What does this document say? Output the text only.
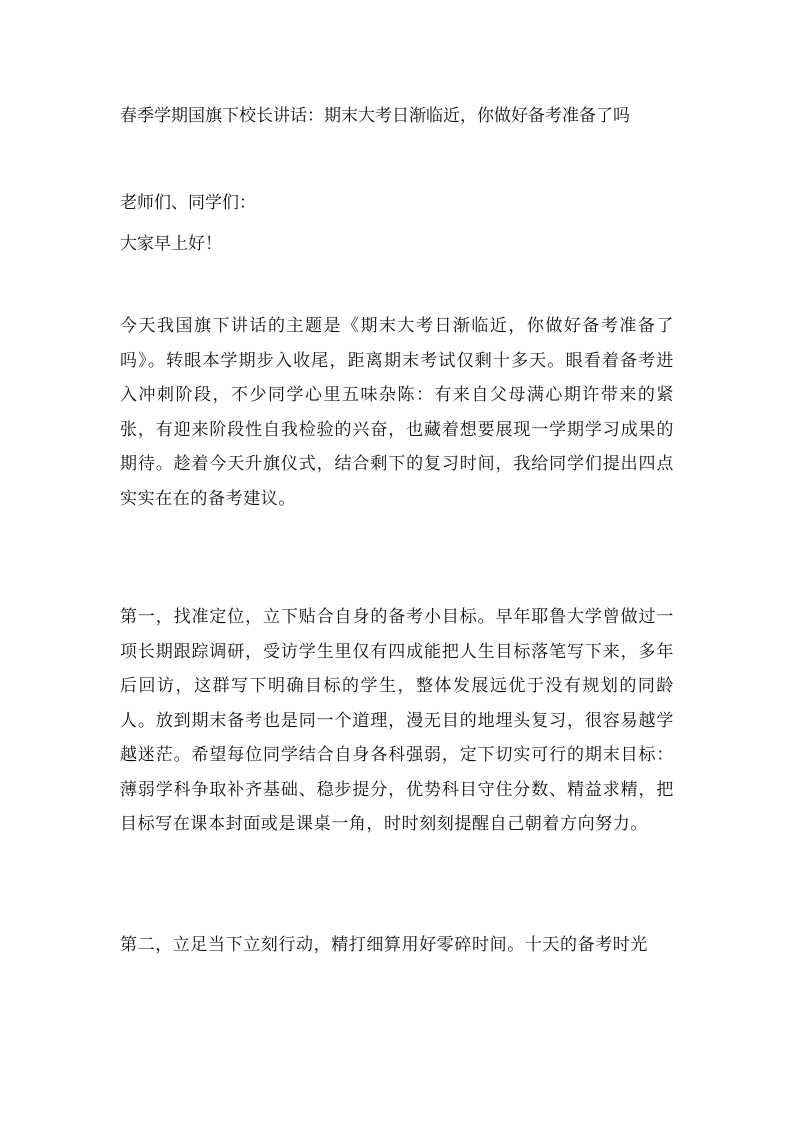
春季学期国旗下校长讲话：期末大考日渐临近，你做好备考准备了吗
老师们、同学们：
大家早上好！
今天我国旗下讲话的主题是《期末大考日渐临近，你做好备考准备了吗》。转眼本学期步入收尾，距离期末考试仅剩十多天。眼看着备考进入冲刺阶段，不少同学心里五味杂陈：有来自父母满心期许带来的紧张，有迎来阶段性自我检验的兴奋，也藏着想要展现一学期学习成果的期待。趁着今天升旗仪式，结合剩下的复习时间，我给同学们提出四点实实在在的备考建议。
第一，找准定位，立下贴合自身的备考小目标。早年耶鲁大学曾做过一项长期跟踪调研，受访学生里仅有四成能把人生目标落笔写下来，多年后回访，这群写下明确目标的学生，整体发展远优于没有规划的同龄人。放到期末备考也是同一个道理，漫无目的地埋头复习，很容易越学越迷茫。希望每位同学结合自身各科强弱，定下切实可行的期末目标：薄弱学科争取补齐基础、稳步提分，优势科目守住分数、精益求精，把目标写在课本封面或是课桌一角，时时刻刻提醒自己朝着方向努力。
第二，立足当下立刻行动，精打细算用好零碎时间。十天的备考时光
